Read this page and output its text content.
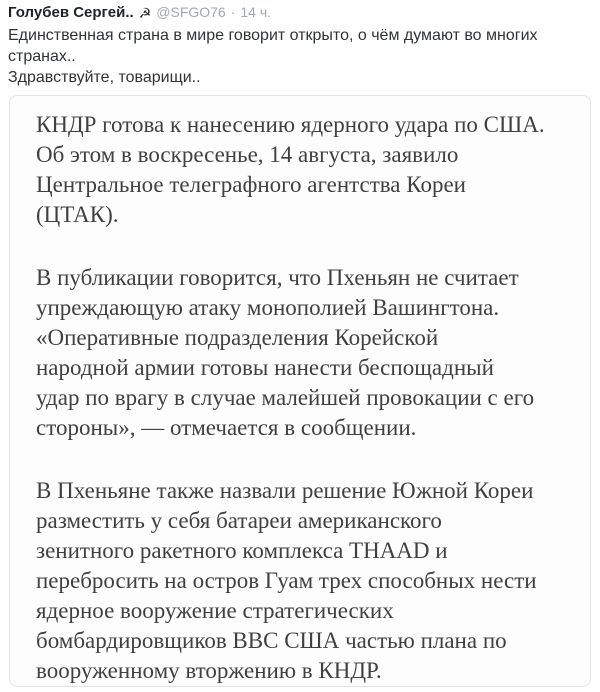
Голубев Сергей.. ☭ @SFGO76 · 14 ч.
Единственная страна в мире говорит открыто, о чём думают во многих
странах..
Здравствуйте, товарищи..
КНДР готова к нанесению ядерного удара по США.
Об этом в воскресенье, 14 августа, заявило
Центральное телеграфного агентства Кореи
(ЦТАК).
В публикации говорится, что Пхеньян не считает
упреждающую атаку монополией Вашингтона.
«Оперативные подразделения Корейской
народной армии готовы нанести беспощадный
удар по врагу в случае малейшей провокации с его
стороны», — отмечается в сообщении.
В Пхеньяне также назвали решение Южной Кореи
разместить у себя батареи американского
зенитного ракетного комплекса THAAD и
перебросить на остров Гуам трех способных нести
ядерное вооружение стратегических
бомбардировщиков ВВС США частью плана по
вооруженному вторжению в КНДР.
